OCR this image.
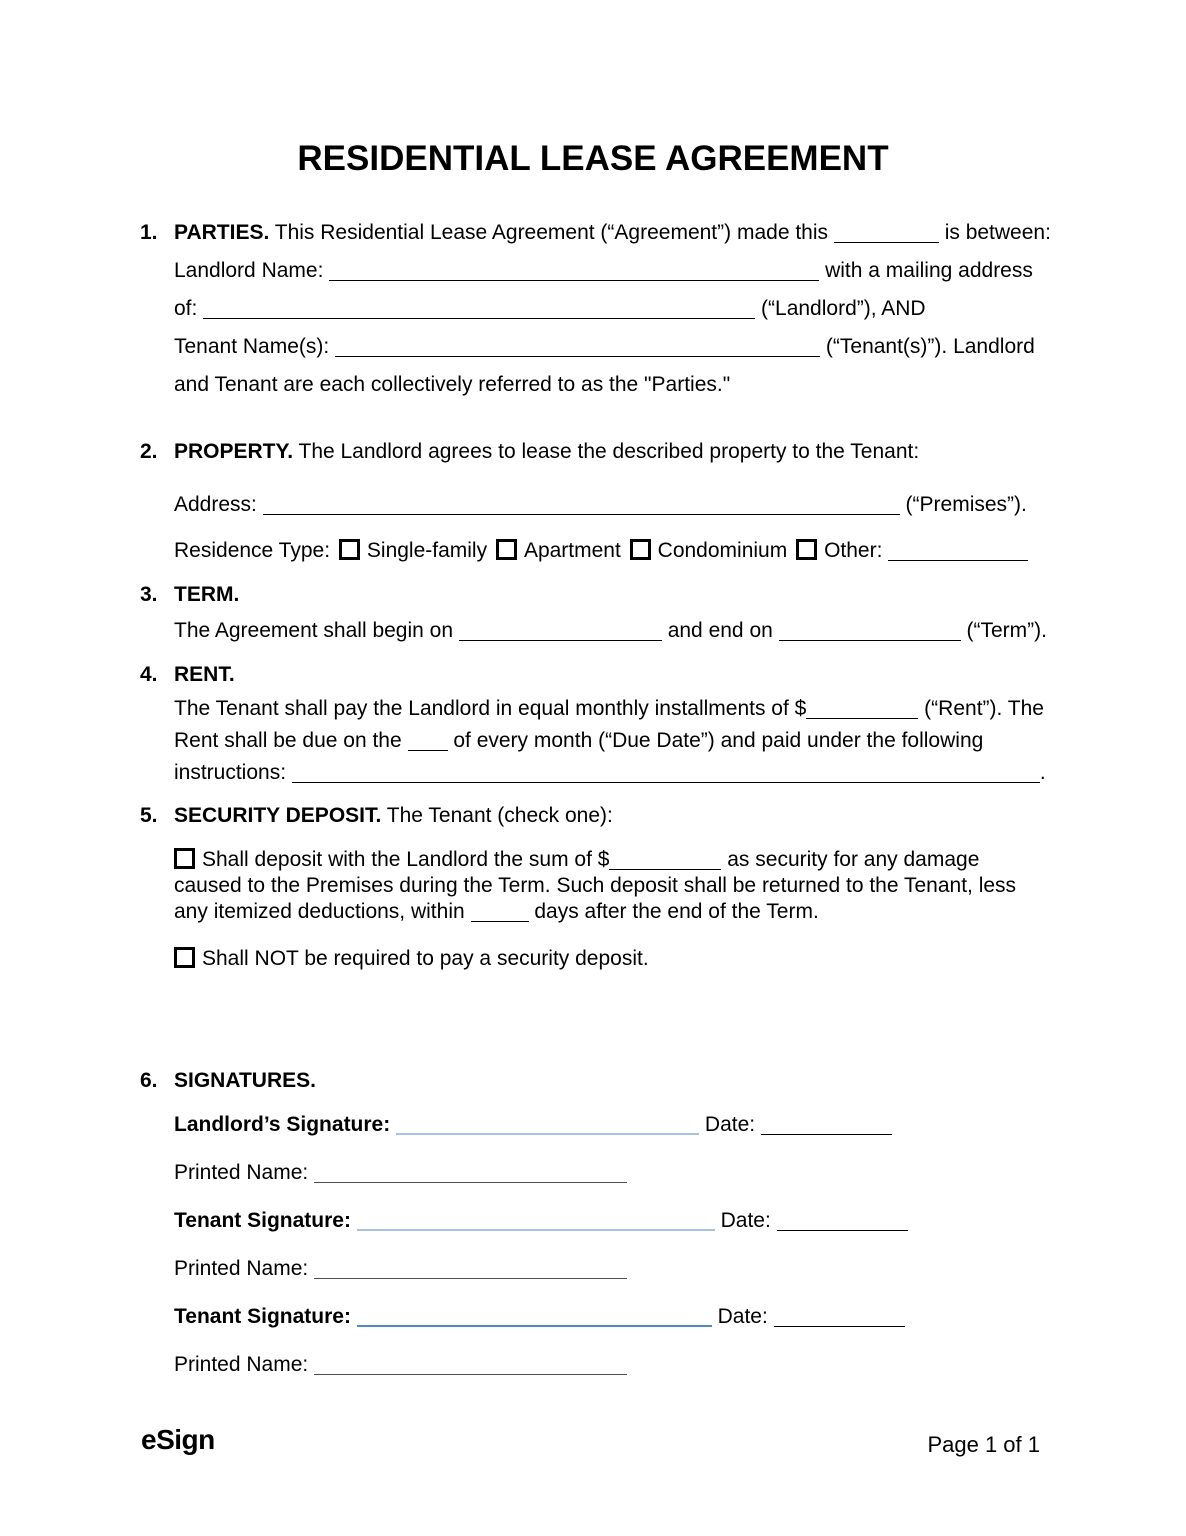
RESIDENTIAL LEASE AGREEMENT
1. PARTIES. This Residential Lease Agreement (“Agreement”) made this	is between:
Landlord Name:	with a mailing address
of:	(“Landlord”), AND
Tenant Name(s):	(“Tenant(s)”). Landlord
and Tenant are each collectively referred to as the "Parties."
2. PROPERTY. The Landlord agrees to lease the described property to the Tenant:
Address:	(“Premises”).
Residence Type: Single-family Apartment Condominium Other:
3. TERM.
The Agreement shall begin on	and end on	(“Term”).
4. RENT.
The Tenant shall pay the Landlord in equal monthly installments of $	(“Rent”). The
Rent shall be due on the  of every month (“Due Date”) and paid under the following
instructions:	.
5. SECURITY DEPOSIT. The Tenant (check one):
Shall deposit with the Landlord the sum of $	as security for any damage caused to the Premises during the Term. Such deposit shall be returned to the Tenant, less any itemized deductions, within	days after the end of the Term.
Shall NOT be required to pay a security deposit.
6. SIGNATURES.
Landlord’s Signature:	Date:
Printed Name:
Tenant Signature:	Date:
Printed Name:
Tenant Signature:	Date:
Printed Name:
eSign	Page 1 of 1
